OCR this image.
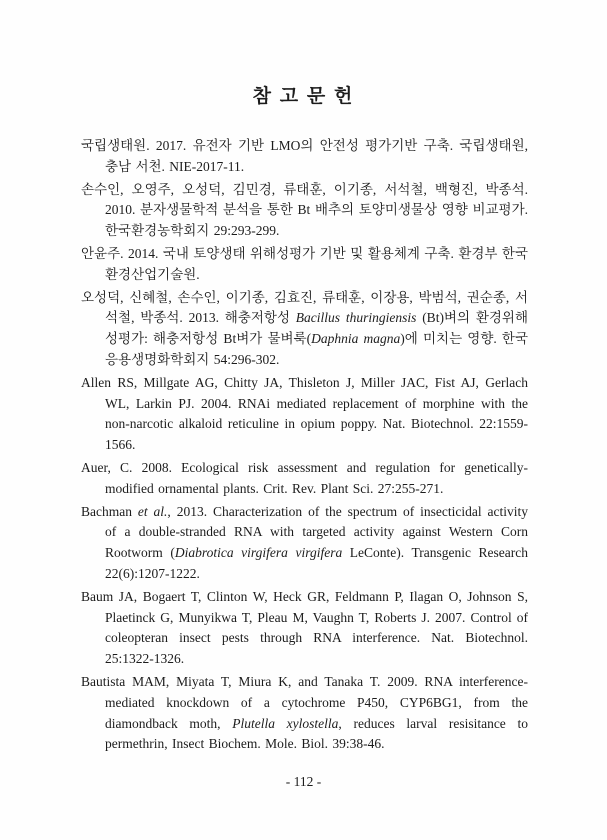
참 고 문 헌

국립생태원. 2017. 유전자 기반 LMO의 안전성 평가기반 구축. 국립생태원, 충남 서천. NIE-2017-11.

손수인, 오영주, 오성덕, 김민경, 류태훈, 이기종, 서석철, 백형진, 박종석. 2010. 분자생물학적 분석을 통한 Bt 배추의 토양미생물상 영향 비교평가. 한국환경농학회지 29:293-299.

안윤주. 2014. 국내 토양생태 위해성평가 기반 및 활용체계 구축. 환경부 한국환경산업기술원.

오성덕, 신혜철, 손수인, 이기종, 김효진, 류태훈, 이장용, 박범석, 권순종, 서석철, 박종석. 2013. 해충저항성 Bacillus thuringiensis (Bt)벼의 환경위해성평가: 해충저항성 Bt벼가 물벼룩(Daphnia magna)에 미치는 영향. 한국응용생명화학회지 54:296-302.

Allen RS, Millgate AG, Chitty JA, Thisleton J, Miller JAC, Fist AJ, Gerlach WL, Larkin PJ. 2004. RNAi mediated replacement of morphine with the non-narcotic alkaloid reticuline in opium poppy. Nat. Biotechnol. 22:1559-1566.

Auer, C. 2008. Ecological risk assessment and regulation for genetically-modified ornamental plants. Crit. Rev. Plant Sci. 27:255-271.

Bachman et al., 2013. Characterization of the spectrum of insecticidal activity of a double-stranded RNA with targeted activity against Western Corn Rootworm (Diabrotica virgifera virgifera LeConte). Transgenic Research 22(6):1207-1222.

Baum JA, Bogaert T, Clinton W, Heck GR, Feldmann P, Ilagan O, Johnson S, Plaetinck G, Munyikwa T, Pleau M, Vaughn T, Roberts J. 2007. Control of coleopteran insect pests through RNA interference. Nat. Biotechnol. 25:1322-1326.

Bautista MAM, Miyata T, Miura K, and Tanaka T. 2009. RNA interference-mediated knockdown of a cytochrome P450, CYP6BG1, from the diamondback moth, Plutella xylostella, reduces larval resisitance to permethrin, Insect Biochem. Mole. Biol. 39:38-46.

- 112 -
